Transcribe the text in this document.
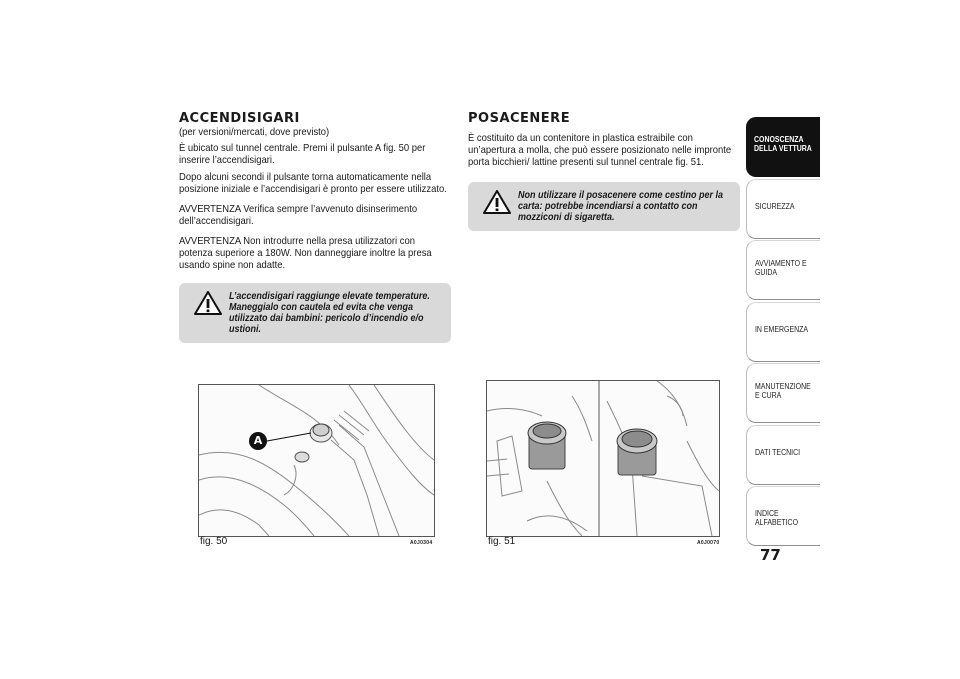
ACCENDISIGARI

(per versioni/mercati, dove previsto)

È ubicato sul tunnel centrale. Premi il pulsante A fig. 50 per inserire l’accendisigari.

Dopo alcuni secondi il pulsante torna automaticamente nella posizione iniziale e l’accendisigari è pronto per essere utilizzato.

AVVERTENZA Verifica sempre l’avvenuto disinserimento dell’accendisigari.

AVVERTENZA Non introdurre nella presa utilizzatori con potenza superiore a 180W. Non danneggiare inoltre la presa usando spine non adatte.

L’accendisigari raggiunge elevate temperature. Maneggialo con cautela ed evita che venga utilizzato dai bambini: pericolo d’incendio e/o ustioni.
POSACENERE

È costituito da un contenitore in plastica estraibile con un’apertura a molla, che può essere posizionato nelle impronte porta bicchieri/ lattine presenti sul tunnel centrale fig. 51.

Non utilizzare il posacenere come cestino per la carta: potrebbe incendiarsi a contatto con mozziconi di sigaretta.
A
fig. 50	A0J0304	fig. 51	A0J0070
CONOSCENZA DELLA VETTURA
SICUREZZA
AVVIAMENTO E GUIDA
IN EMERGENZA
MANUTENZIONE E CURA
DATI TECNICI
INDICE ALFABETICO
77
